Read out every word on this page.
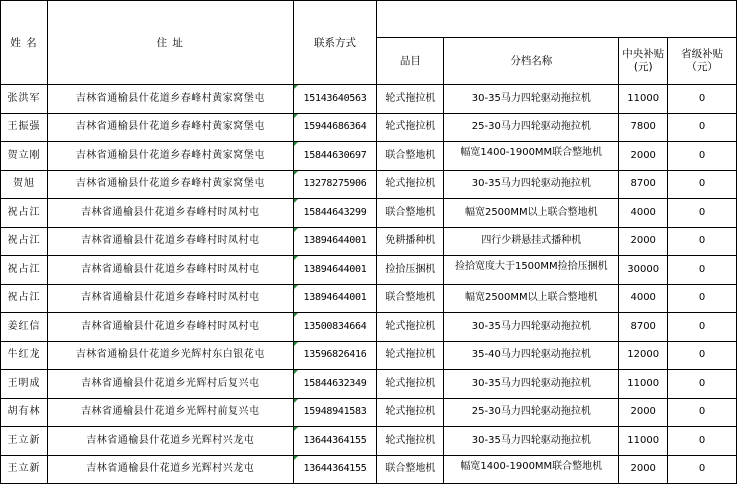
姓 名	住 址	联系方式				
			品目	分档名称	中央补贴(元)	省级补贴（元）
张洪军	吉林省通榆县什花道乡春峰村黄家窝堡屯	15143640563	轮式拖拉机	30-35马力四轮驱动拖拉机	11000	0
王振强	吉林省通榆县什花道乡春峰村黄家窝堡屯	15944686364	轮式拖拉机	25-30马力四轮驱动拖拉机	7800	0
贺立刚	吉林省通榆县什花道乡春峰村黄家窝堡屯	15844630697	联合整地机	幅宽1400-1900MM联合整地机	2000	0
贺旭	吉林省通榆县什花道乡春峰村黄家窝堡屯	13278275906	轮式拖拉机	30-35马力四轮驱动拖拉机	8700	0
祝占江	吉林省通榆县什花道乡春峰村时凤村屯	15844643299	联合整地机	幅宽2500MM以上联合整地机	4000	0
祝占江	吉林省通榆县什花道乡春峰村时凤村屯	13894644001	免耕播种机	四行少耕悬挂式播种机	2000	0
祝占江	吉林省通榆县什花道乡春峰村时凤村屯	13894644001	捡拾压捆机	捡拾宽度大于1500MM捡拾压捆机	30000	0
祝占江	吉林省通榆县什花道乡春峰村时凤村屯	13894644001	联合整地机	幅宽2500MM以上联合整地机	4000	0
姜红信	吉林省通榆县什花道乡春峰村时凤村屯	13500834664	轮式拖拉机	30-35马力四轮驱动拖拉机	8700	0
牛红龙	吉林省通榆县什花道乡光辉村东白银花屯	13596826416	轮式拖拉机	35-40马力四轮驱动拖拉机	12000	0
王明成	吉林省通榆县什花道乡光辉村后复兴屯	15844632349	轮式拖拉机	30-35马力四轮驱动拖拉机	11000	0
胡有林	吉林省通榆县什花道乡光辉村前复兴屯	15948941583	轮式拖拉机	25-30马力四轮驱动拖拉机	2000	0
王立新	吉林省通榆县什花道乡光辉村兴龙屯	13644364155	轮式拖拉机	30-35马力四轮驱动拖拉机	11000	0
王立新	吉林省通榆县什花道乡光辉村兴龙屯	13644364155	联合整地机	幅宽1400-1900MM联合整地机	2000	0
